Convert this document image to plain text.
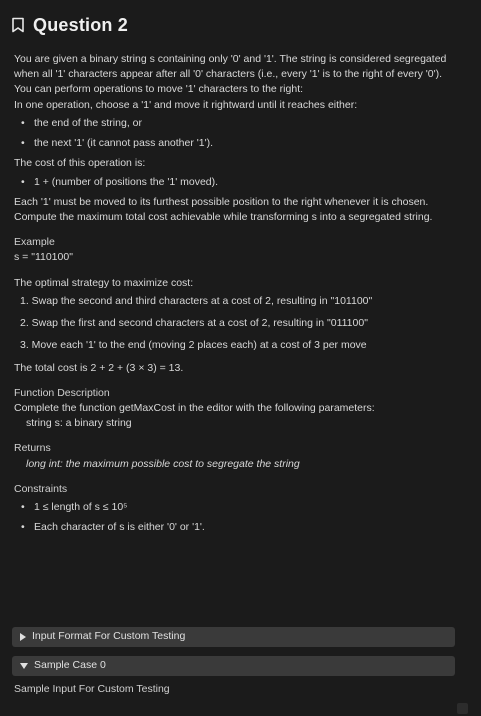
Question 2

You are given a binary string s containing only '0' and '1'. The string is considered segregated when all '1' characters appear after all '0' characters (i.e., every '1' is to the right of every '0').

You can perform operations to move '1' characters to the right:

In one operation, choose a '1' and move it rightward until it reaches either:

• the end of the string, or
• the next '1' (it cannot pass another '1').

The cost of this operation is:

• 1 + (number of positions the '1' moved).

Each '1' must be moved to its furthest possible position to the right whenever it is chosen. Compute the maximum total cost achievable while transforming s into a segregated string.

Example

s = "110100"

The optimal strategy to maximize cost:

1. Swap the second and third characters at a cost of 2, resulting in "101100"
2. Swap the first and second characters at a cost of 2, resulting in "011100"
3. Move each '1' to the end (moving 2 places each) at a cost of 3 per move

The total cost is 2 + 2 + (3 × 3) = 13.

Function Description

Complete the function getMaxCost in the editor with the following parameters:

string s: a binary string

Returns

long int: the maximum possible cost to segregate the string

Constraints

• 1 ≤ length of s ≤ 10⁵
• Each character of s is either '0' or '1'.
Input Format For Custom Testing
Sample Case 0

Sample Input For Custom Testing
